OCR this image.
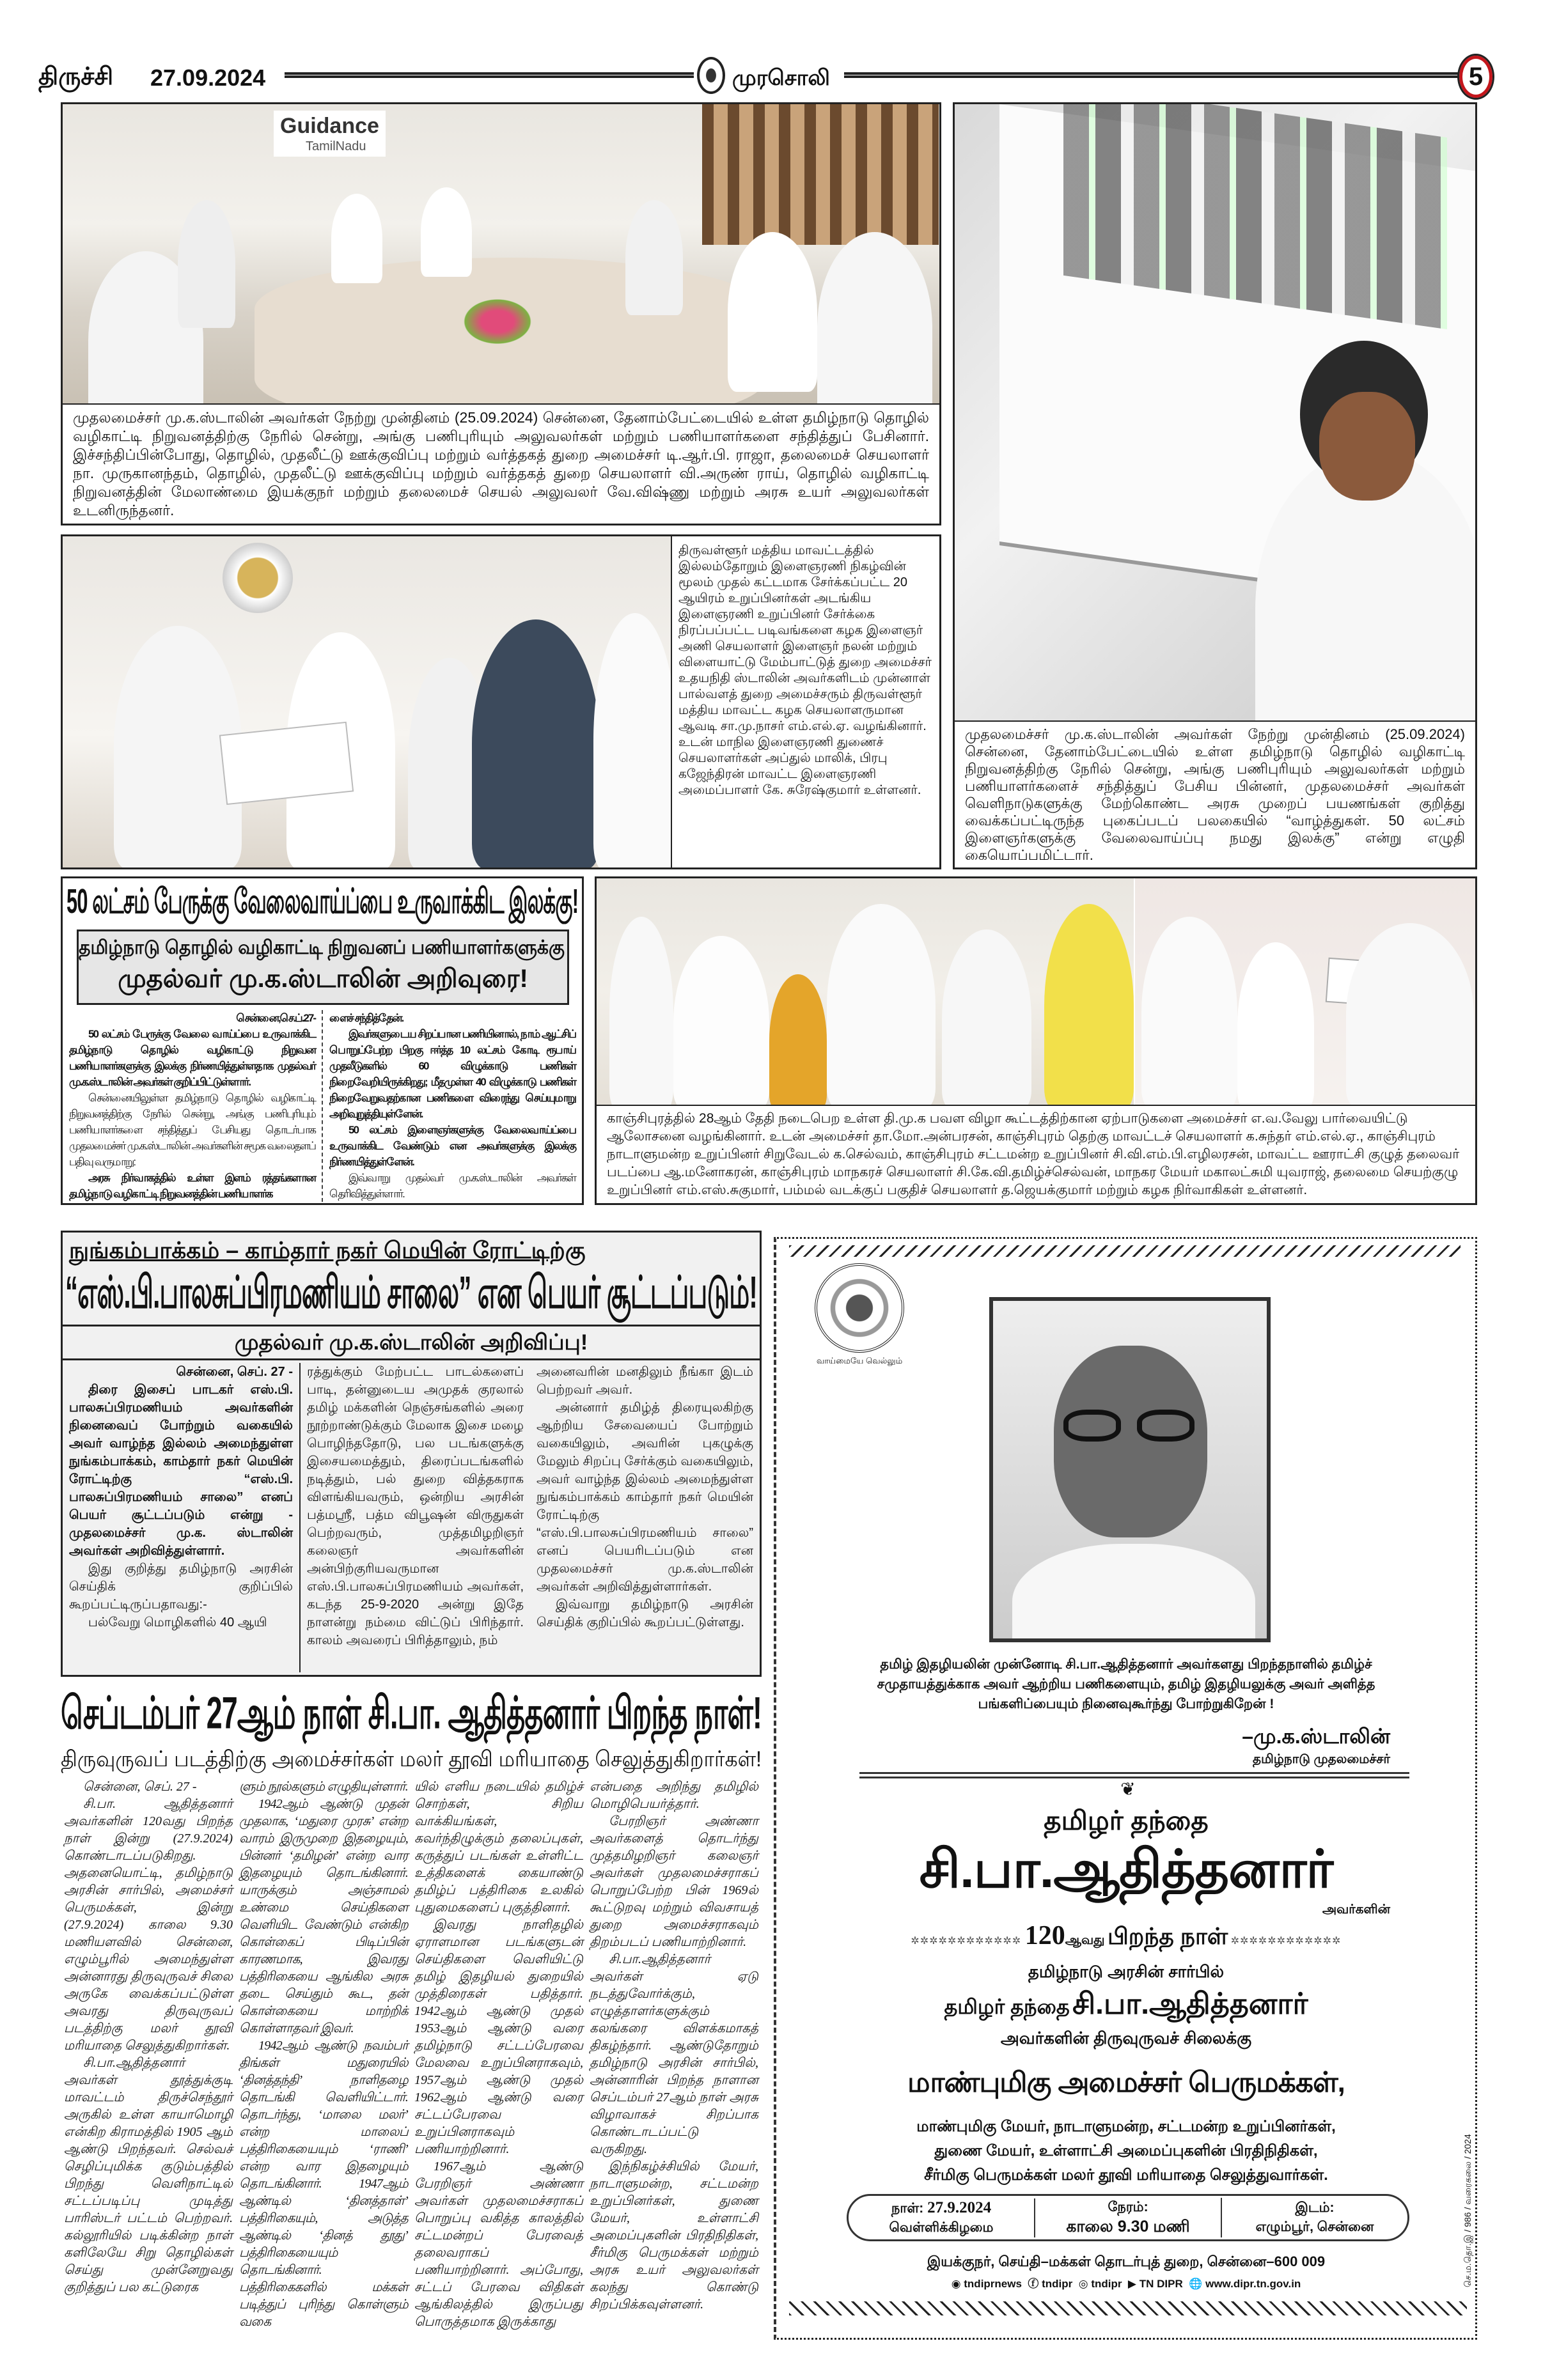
திருச்சி 27.09.2024	முரசொலி	5
Guidance
TamilNadu
முதலமைச்சர் மு.க.ஸ்டாலின் அவர்கள் நேற்று முன்தினம் (25.09.2024) சென்னை, தேனாம்பேட்டையில் உள்ள தமிழ்நாடு தொழில் வழிகாட்டி நிறுவனத்திற்கு நேரில் சென்று, அங்கு பணிபுரியும் அலுவலர்கள் மற்றும் பணியாளர்களை சந்தித்துப் பேசினார். இச்சந்திப்பின்போது, தொழில், முதலீட்டு ஊக்குவிப்பு மற்றும் வர்த்தகத் துறை அமைச்சர் டி.ஆர்.பி. ராஜா, தலைமைச் செயலாளர் நா. முருகானந்தம், தொழில், முதலீட்டு ஊக்குவிப்பு மற்றும் வர்த்தகத் துறை செயலாளர் வி.அருண் ராய், தொழில் வழிகாட்டி நிறுவனத்தின் மேலாண்மை இயக்குநர் மற்றும் தலைமைச் செயல் அலுவலர் வே.விஷ்ணு மற்றும் அரசு உயர் அலுவலர்கள் உடனிருந்தனர்.
முதலமைச்சர் மு.க.ஸ்டாலின் அவர்கள் நேற்று முன்தினம் (25.09.2024) சென்னை, தேனாம்பேட்டையில் உள்ள தமிழ்நாடு தொழில் வழிகாட்டி நிறுவனத்திற்கு நேரில் சென்று, அங்கு பணிபுரியும் அலுவலர்கள் மற்றும் பணியாளர்களைச் சந்தித்துப் பேசிய பின்னர், முதலமைச்சர் அவர்கள் வெளிநாடுகளுக்கு மேற்கொண்ட அரசு முறைப் பயணங்கள் குறித்து வைக்கப்பட்டிருந்த புகைப்படப் பலகையில் “வாழ்த்துகள். 50 லட்சம் இளைஞர்களுக்கு வேலைவாய்ப்பு நமது இலக்கு” என்று எழுதி கையொப்பமிட்டார்.
திருவள்ளூர் மத்திய மாவட்டத்தில் இல்லம்தோறும் இளைஞரணி நிகழ்வின் மூலம் முதல் கட்டமாக சேர்க்கப்பட்ட 20 ஆயிரம் உறுப்பினர்கள் அடங்கிய இளைஞரணி உறுப்பினர் சேர்க்கை நிரப்பப்பட்ட படிவங்களை கழக இளைஞர் அணி செயலாளர் இளைஞர் நலன் மற்றும் விளையாட்டு மேம்பாட்டுத் துறை அமைச்சர் உதயநிதி ஸ்டாலின் அவர்களிடம் முன்னாள் பால்வளத் துறை அமைச்சரும் திருவள்ளூர் மத்திய மாவட்ட கழக செயலாளருமான ஆவடி சா.மு.நாசர் எம்.எல்.ஏ. வழங்கினார். உடன் மாநில இளைஞரணி துணைச் செயலாளர்கள் அப்துல் மாலிக், பிரபு கஜேந்திரன் மாவட்ட இளைஞரணி அமைப்பாளர் கே. சுரேஷ்குமார் உள்ளனர்.
50 லட்சம் பேருக்கு வேலைவாய்ப்பை உருவாக்கிட இலக்கு!
தமிழ்நாடு தொழில் வழிகாட்டி நிறுவனப் பணியாளர்களுக்கு
முதல்வர் மு.க.ஸ்டாலின் அறிவுரை!

சென்னை,செ.ப்.27-

50 லட்சம் பேருக்கு வேலை வாய்ப்பை உருவாக்கிட தமிழ்நாடு தொழில் வழிகாட்டு நிறுவன பணியாளர்களுக்கு இலக்கு நிர்ணயித்துள்ளதாக முதல்வர் மு.க.ஸ்டாலின் அவர்கள் குறிப்பிட்டுள்ளார்.

சென்னையிலுள்ள தமிழ்நாடு தொழில் வழிகாட்டி நிறுவனத்திற்கு நேரில் சென்று, அங்கு பணிபுரியும் பணியாளர்களை சந்தித்துப் பேசியது தொடர்பாக முதலமைச்சர் மு.க.ஸ்டாலின் அவர்களின் சமூக வலைதளப் பதிவு வருமாறு:

அரசு நிர்வாகத்தில் உள்ள இளம் ரத்தங்களான தமிழ்நாடு வழிகாட்டி நிறுவனத்தின் பணியாளர்க

ளைச் சந்தித்தேன்.

இவர்களுடைய சிறப்பான பணியினால், நாம் ஆட்சிப் பொறுப்பேற்ற பிறகு ஈர்த்த 10 லட்சம் கோடி ரூபாய் முதலீடுகளில் 60 விழுக்காடு பணிகள் நிறைவேறியிருக்கிறது; மீதமுள்ள 40 விழுக்காடு பணிகள் நிறைவேறுவதற்கான பணிகளை விரைந்து செய்யுமாறு அறிவுறுத்தியுள்ளேன்.

50 லட்சம் இளைஞர்களுக்கு வேலைவாய்ப்பை உருவாக்கிட வேண்டும் என அவர்களுக்கு இலக்கு நிர்ணயித்துள்ளேன்.

இவ்வாறு முதல்வர் மு.க.ஸ்டாலின் அவர்கள் தெரிவித்துள்ளார்.

காஞ்சிபுரத்தில் 28ஆம் தேதி நடைபெற உள்ள தி.மு.க பவள விழா கூட்டத்திற்கான ஏற்பாடுகளை அமைச்சர் எ.வ.வேலு பார்வையிட்டு ஆலோசனை வழங்கினார். உடன் அமைச்சர் தா.மோ.அன்பரசன், காஞ்சிபுரம் தெற்கு மாவட்டச் செயலாளர் க.சுந்தர் எம்.எல்.ஏ., காஞ்சிபுரம் நாடாளுமன்ற உறுப்பினர் சிறுவேடல் க.செல்வம், காஞ்சிபுரம் சட்டமன்ற உறுப்பினர் சி.வி.எம்.பி.எழிலரசன், மாவட்ட ஊராட்சி குழுத் தலைவர் படப்பை ஆ.மனோகரன், காஞ்சிபுரம் மாநகரச் செயலாளர் சி.கே.வி.தமிழ்ச்செல்வன், மாநகர மேயர் மகாலட்சுமி யுவராஜ், தலைமை செயற்குழு உறுப்பினர் எம்.எஸ்.சுகுமார், பம்மல் வடக்குப் பகுதிச் செயலாளர் த.ஜெயக்குமார் மற்றும் கழக நிர்வாகிகள் உள்ளனர்.
நுங்கம்பாக்கம் – காம்தார் நகர் மெயின் ரோட்டிற்கு
“எஸ்.பி.பாலசுப்பிரமணியம் சாலை” என பெயர் சூட்டப்படும்!
முதல்வர் மு.க.ஸ்டாலின் அறிவிப்பு!

சென்னை, செப். 27 -

திரை இசைப் பாடகர் எஸ்.பி. பாலசுப்பிரமணியம் அவர்களின் நினைவைப் போற்றும் வகையில் அவர் வாழ்ந்த இல்லம் அமைந்துள்ள நுங்கம்பாக்கம், காம்தார் நகர் மெயின் ரோட்டிற்கு “எஸ்.பி. பாலசுப்பிரமணியம் சாலை” எனப் பெயர் சூட்டப்படும் என்று - முதலமைச்சர் மு.க. ஸ்டாலின் அவர்கள் அறிவித்துள்ளார்.

இது குறித்து தமிழ்நாடு அரசின் செய்திக் குறிப்பில் கூறப்பட்டிருப்பதாவது:-

பல்வேறு மொழிகளில் 40 ஆயி

ரத்துக்கும் மேற்பட்ட பாடல்களைப் பாடி, தன்னுடைய அமுதக் குரலால் தமிழ் மக்களின் நெஞ்சங்களில் அரை நூற்றாண்டுக்கும் மேலாக இசை மழை பொழிந்ததோடு, பல படங்களுக்கு இசையமைத்தும், திரைப்படங்களில் நடித்தும், பல் துறை வித்தகராக விளங்கியவரும், ஒன்றிய அரசின் பத்மஸ்ரீ, பத்ம விபூஷன் விருதுகள் பெற்றவரும், முத்தமிழறிஞர் கலைஞர் அவர்களின் அன்பிற்குரியவருமான எஸ்.பி.பாலசுப்பிரமணியம் அவர்கள், கடந்த 25-9-2020 அன்று இதே நாளன்று நம்மை விட்டுப் பிரிந்தார். காலம் அவரைப் பிரித்தாலும், நம்

அனைவரின் மனதிலும் நீங்கா இடம் பெற்றவர் அவர்.

அன்னார் தமிழ்த் திரையுலகிற்கு ஆற்றிய சேவையைப் போற்றும் வகையிலும், அவரின் புகழுக்கு மேலும் சிறப்பு சேர்க்கும் வகையிலும், அவர் வாழ்ந்த இல்லம் அமைந்துள்ள நுங்கம்பாக்கம் காம்தார் நகர் மெயின் ரோட்டிற்கு “எஸ்.பி.பாலசுப்பிரமணியம் சாலை” எனப் பெயரிடப்படும் என முதலமைச்சர் மு.க.ஸ்டாலின் அவர்கள் அறிவித்துள்ளார்கள்.

இவ்வாறு தமிழ்நாடு அரசின் செய்திக் குறிப்பில் கூறப்பட்டுள்ளது.

செப்டம்பர் 27ஆம் நாள் சி.பா. ஆதித்தனார் பிறந்த நாள்!
திருவுருவப் படத்திற்கு அமைச்சர்கள் மலர் தூவி மரியாதை செலுத்துகிறார்கள்!

சென்னை, செப். 27 -

சி.பா. ஆதித்தனார் அவர்களின் 120வது பிறந்த நாள் இன்று (27.9.2024) கொண்டாடப்படுகிறது. அதனையொட்டி, தமிழ்நாடு அரசின் சார்பில், அமைச்சர் பெருமக்கள், இன்று (27.9.2024) காலை 9.30 மணியளவில் சென்னை, எழும்பூரில் அமைந்துள்ள அன்னாரது திருவுருவச் சிலை அருகே வைக்கப்பட்டுள்ள அவரது திருவுருவப் படத்திற்கு மலர் தூவி மரியாதை செலுத்துகிறார்கள்.

சி.பா.ஆதித்தனார் அவர்கள் தூத்துக்குடி மாவட்டம் திருச்செந்தூர் அருகில் உள்ள காயாமொழி என்கிற கிராமத்தில் 1905 ஆம் ஆண்டு பிறந்தவர். செல்வச் செழிப்புமிக்க குடும்பத்தில் பிறந்து வெளிநாட்டில் சட்டப்படிப்பு முடித்து பாரிஸ்டர் பட்டம் பெற்றவர். கல்லூரியில் படிக்கின்ற நாள் களிலேயே சிறு தொழில்கள் செய்து முன்னேறுவது குறித்துப் பல கட்டுரைக

ளும் நூல்களும் எழுதியுள்ளார்.

1942ஆம் ஆண்டு முதன் முதலாக, ‘மதுரை முரசு’ என்ற வாரம் இருமுறை இதழையும், பின்னர் ‘தமிழன்’ என்ற வார இதழையும் தொடங்கினார். யாருக்கும் அஞ்சாமல் உண்மை செய்திகளை வெளியிட வேண்டும் என்கிற கொள்கைப் பிடிப்பின் காரணமாக, இவரது பத்திரிகையை ஆங்கில அரசு தடை செய்தும் கூட, தன் கொள்கையை மாற்றிக் கொள்ளாதவர் இவர்.

1942ஆம் ஆண்டு நவம்பர் திங்கள் மதுரையில் ‘தினத்தந்தி’ நாளிதழை தொடங்கி வெளியிட்டார். தொடர்ந்து, ‘மாலை மலர்’ என்ற மாலைப் பத்திரிகையையும் ‘ராணி’ என்ற வார இதழையும் தொடங்கினார். 1947ஆம் ஆண்டில் ‘தினத்தாள்’ பத்திரிகையும், அடுத்த ஆண்டில் ‘தினத் தூது’ பத்திரிகையையும் தொடங்கினார். பத்திரிகைகளில் மக்கள் படித்துப் புரிந்து கொள்ளும் வகை

யில் எளிய நடையில் தமிழ்ச் சொற்கள், சிறிய வாக்கியங்கள், கவர்ந்திழுக்கும் தலைப்புகள், கருத்துப் படங்கள் உள்ளிட்ட உத்திகளைக் கையாண்டு தமிழ்ப் பத்திரிகை உலகில் புதுமைகளைப் புகுத்தினார்.

இவரது நாளிதழில் ஏராளமான படங்களுடன் செய்திகளை வெளியிட்டு தமிழ் இதழியல் துறையில் முத்திரைகள் பதித்தார். 1942ஆம் ஆண்டு முதல் 1953ஆம் ஆண்டு வரை தமிழ்நாடு சட்டப்பேரவை மேலவை உறுப்பினராகவும், 1957ஆம் ஆண்டு முதல் 1962ஆம் ஆண்டு வரை சட்டப்பேரவை உறுப்பினராகவும் பணியாற்றினார்.

1967ஆம் ஆண்டு பேரறிஞர் அண்ணா அவர்கள் முதலமைச்சராகப் பொறுப்பு வகித்த காலத்தில் சட்டமன்றப் பேரவைத் தலைவராகப் பணியாற்றினார். அப்போது, சட்டப் பேரவை விதிகள் ஆங்கிலத்தில் இருப்பது பொருத்தமாக இருக்காது

என்பதை அறிந்து தமிழில் மொழிபெயர்த்தார்.

பேரறிஞர் அண்ணா அவர்களைத் தொடர்ந்து முத்தமிழறிஞர் கலைஞர் அவர்கள் முதலமைச்சராகப் பொறுப்பேற்ற பின் 1969ல் கூட்டுறவு மற்றும் விவசாயத் துறை அமைச்சராகவும் திறம்படப் பணியாற்றினார்.

சி.பா.ஆதித்தனார் அவர்கள் ஏடு நடத்துவோர்க்கும், எழுத்தாளர்களுக்கும் கலங்கரை விளக்கமாகத் திகழ்ந்தார். ஆண்டுதோறும் தமிழ்நாடு அரசின் சார்பில், அன்னாரின் பிறந்த நாளான செப்டம்பர் 27ஆம் நாள் அரசு விழாவாகச் சிறப்பாக கொண்டாடப்பட்டு வருகிறது.

இந்நிகழ்ச்சியில் மேயர், நாடாளுமன்ற, சட்டமன்ற உறுப்பினர்கள், துணை மேயர், உள்ளாட்சி அமைப்புகளின் பிரதிநிதிகள், சீர்மிகு பெருமக்கள் மற்றும் அரசு உயர் அலுவலர்கள் கலந்து கொண்டு சிறப்பிக்கவுள்ளனர்.

வாய்மையே வெல்லும்
தமிழ் இதழியலின் முன்னோடி சி.பா.ஆதித்தனார் அவர்களது பிறந்தநாளில் தமிழ்ச் சமுதாயத்துக்காக அவர் ஆற்றிய பணிகளையும், தமிழ் இதழியலுக்கு அவர் அளித்த பங்களிப்பையும் நினைவுகூர்ந்து போற்றுகிறேன் !
–மு.க.ஸ்டாலின்
தமிழ்நாடு முதலமைச்சர்
❦
தமிழர் தந்தை
சி.பா.ஆதித்தனார்
அவர்களின்
✲✲✲✲✲✲✲✲✲✲✲✲ 120ஆவது பிறந்த நாள் ✲✲✲✲✲✲✲✲✲✲✲✲
தமிழ்நாடு அரசின் சார்பில்
தமிழர் தந்தை சி.பா.ஆதித்தனார்
அவர்களின் திருவுருவச் சிலைக்கு
மாண்புமிகு அமைச்சர் பெருமக்கள்,
மாண்புமிகு மேயர், நாடாளுமன்ற, சட்டமன்ற உறுப்பினர்கள்,
துணை மேயர், உள்ளாட்சி அமைப்புகளின் பிரதிநிதிகள்,
சீர்மிகு பெருமக்கள் மலர் தூவி மரியாதை செலுத்துவார்கள்.
நாள்: 27.9.2024
வெள்ளிக்கிழமை
நேரம்:
காலை 9.30 மணி
இடம்:
எழும்பூர், சென்னை
இயக்குநர், செய்தி–மக்கள் தொடர்புத் துறை, சென்னை–600 009
◉ tndiprnews ⓕ tndipr ◎ tndipr ▶ TN DIPR 🌐 www.dipr.tn.gov.in	செ.ம.தொ.இ / 986 / வரைகலை / 2024
